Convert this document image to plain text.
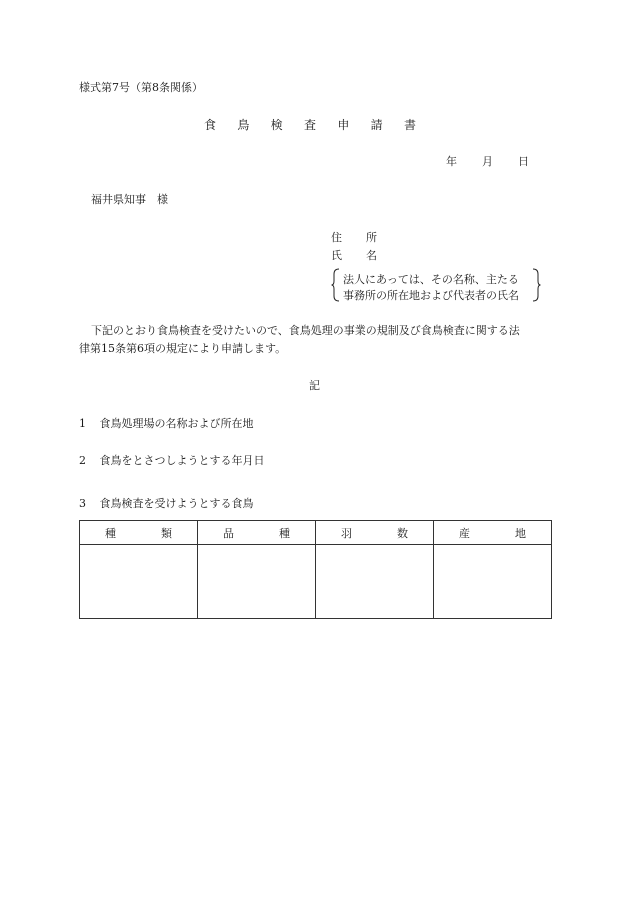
様式第7号（第8条関係）
食 鳥 検 査 申 請 書
年 月 日
福井県知事　様
住 所
氏 名
法人にあっては、その名称、主たる
事務所の所在地および代表者の氏名
下記のとおり食鳥検査を受けたいので、食鳥処理の事業の規制及び食鳥検査に関する法
律第15条第6項の規定により申請します。
記
1 食鳥処理場の名称および所在地
2 食鳥をとさつしようとする年月日
3 食鳥検査を受けようとする食鳥
種 類	品 種	羽 数	産 地
